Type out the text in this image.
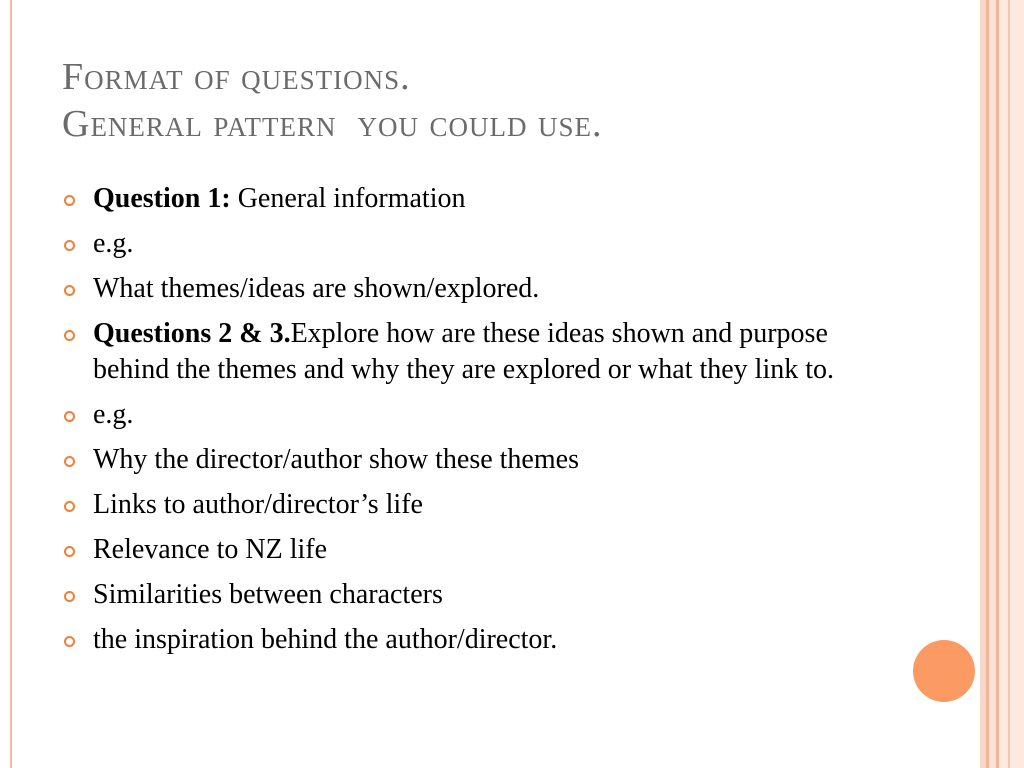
Format of questions.
General pattern  you could use.
Question 1: General information
e.g.
What themes/ideas are shown/explored.
Questions 2 & 3.Explore how are these ideas shown and purpose behind the themes and why they are explored or what they link to.
e.g.
Why the director/author show these themes
Links to author/director’s life
Relevance to NZ life
Similarities between characters
the inspiration behind the author/director.
